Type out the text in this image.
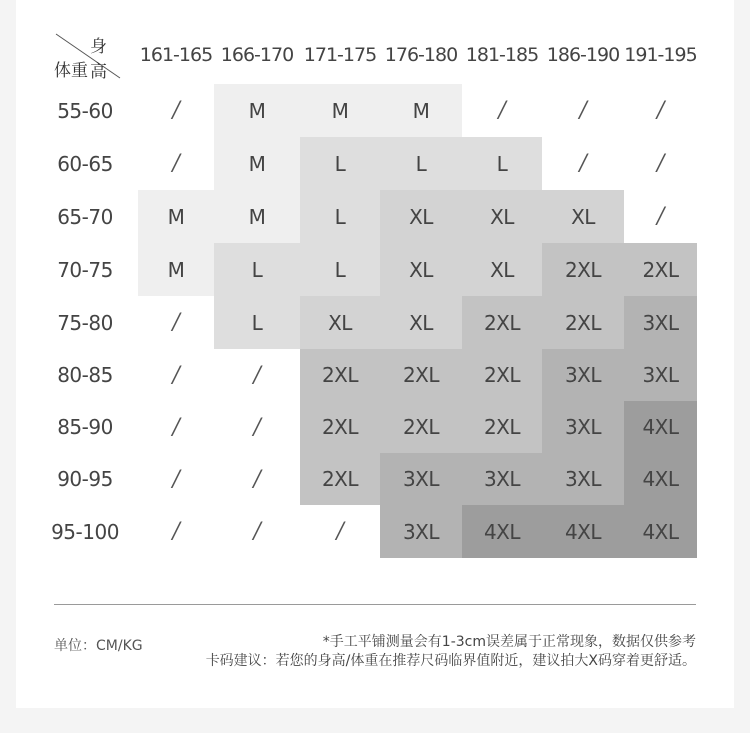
身高
体重
161-165 166-170 171-175 176-180 181-185 186-190 191-195
55-60	/	M	M	M	/	/	/
60-65	/	M	L	L	L	/	/
65-70	M	M	L	XL	XL	XL	/
70-75	M	L	L	XL	XL	2XL	2XL
75-80	/	L	XL	XL	2XL	2XL	3XL
80-85	/	/	2XL	2XL	2XL	3XL	3XL
85-90	/	/	2XL	2XL	2XL	3XL	4XL
90-95	/	/	2XL	3XL	3XL	3XL	4XL
95-100	/	/	/	3XL	4XL	4XL	4XL
单位：CM/KG	*手工平铺测量会有1-3cm误差属于正常现象，数据仅供参考
卡码建议：若您的身高/体重在推荐尺码临界值附近，建议拍大X码穿着更舒适。
